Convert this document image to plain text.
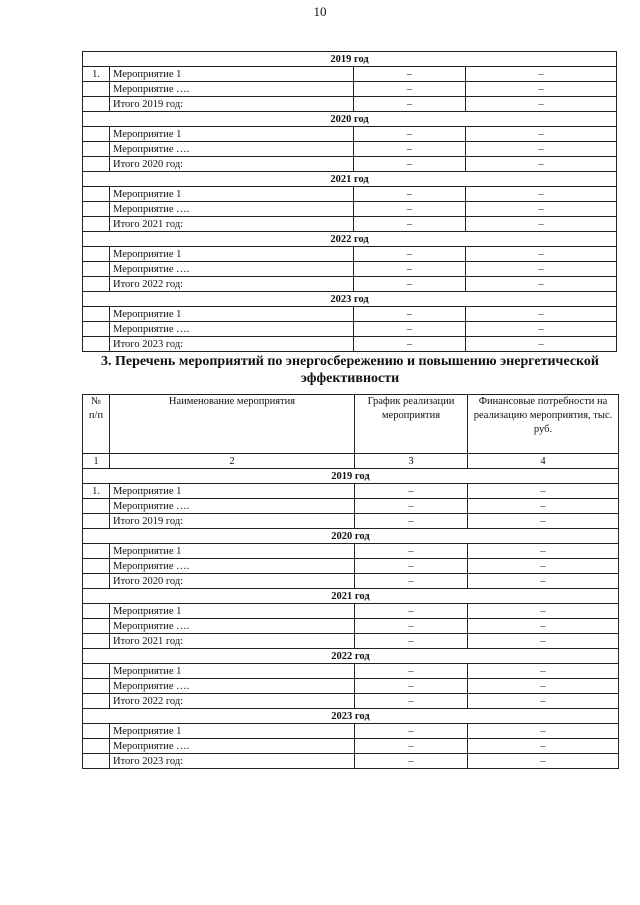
10
2019 год			
1.	Мероприятие 1	–	–
	Мероприятие ….	–	–
	Итого 2019 год:	–	–
2020 год			
	Мероприятие 1	–	–
	Мероприятие ….	–	–
	Итого 2020 год:	–	–
2021 год			
	Мероприятие 1	–	–
	Мероприятие ….	–	–
	Итого 2021 год:	–	–
2022 год			
	Мероприятие 1	–	–
	Мероприятие ….	–	–
	Итого 2022 год:	–	–
2023 год			
	Мероприятие 1	–	–
	Мероприятие ….	–	–
	Итого 2023 год:	–	–
3. Перечень мероприятий по энергосбережению и повышению энергетической эффективности
№ п/п	Наименование мероприятия	График реализации мероприятия	Финансовые потребности на реализацию мероприятия, тыс. руб.
1	2	3	4
2019 год			
1.	Мероприятие 1	–	–
	Мероприятие ….	–	–
	Итого 2019 год:	–	–
2020 год			
	Мероприятие 1	–	–
	Мероприятие ….	–	–
	Итого 2020 год:	–	–
2021 год			
	Мероприятие 1	–	–
	Мероприятие ….	–	–
	Итого 2021 год:	–	–
2022 год			
	Мероприятие 1	–	–
	Мероприятие ….	–	–
	Итого 2022 год:	–	–
2023 год			
	Мероприятие 1	–	–
	Мероприятие ….	–	–
	Итого 2023 год:	–	–
